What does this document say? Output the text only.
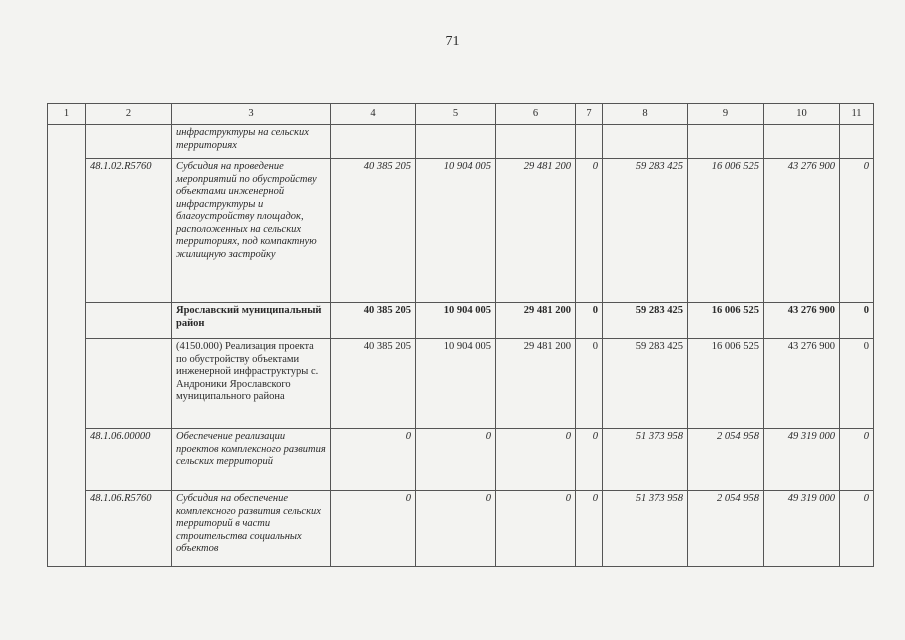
71
1	2	3	4	5	6	7	8	9	10	11
		инфраструктуры на сельских территориях								
	48.1.02.R5760	Субсидия на проведение мероприятий по обустройству объектами инженерной инфраструктуры и благоустройству площадок, расположенных на сельских территориях, под компактную жилищную застройку	40 385 205	10 904 005	29 481 200	0	59 283 425	16 006 525	43 276 900	0
		Ярославский муниципальный район	40 385 205	10 904 005	29 481 200	0	59 283 425	16 006 525	43 276 900	0
		(4150.000) Реализация проекта по обустройству объектами инженерной инфраструктуры с. Андроники Ярославского муниципального района	40 385 205	10 904 005	29 481 200	0	59 283 425	16 006 525	43 276 900	0
	48.1.06.00000	Обеспечение реализации проектов комплексного развития сельских территорий	0	0	0	0	51 373 958	2 054 958	49 319 000	0
	48.1.06.R5760	Субсидия на обеспечение комплексного развития сельских территорий в части строительства социальных объектов	0	0	0	0	51 373 958	2 054 958	49 319 000	0
